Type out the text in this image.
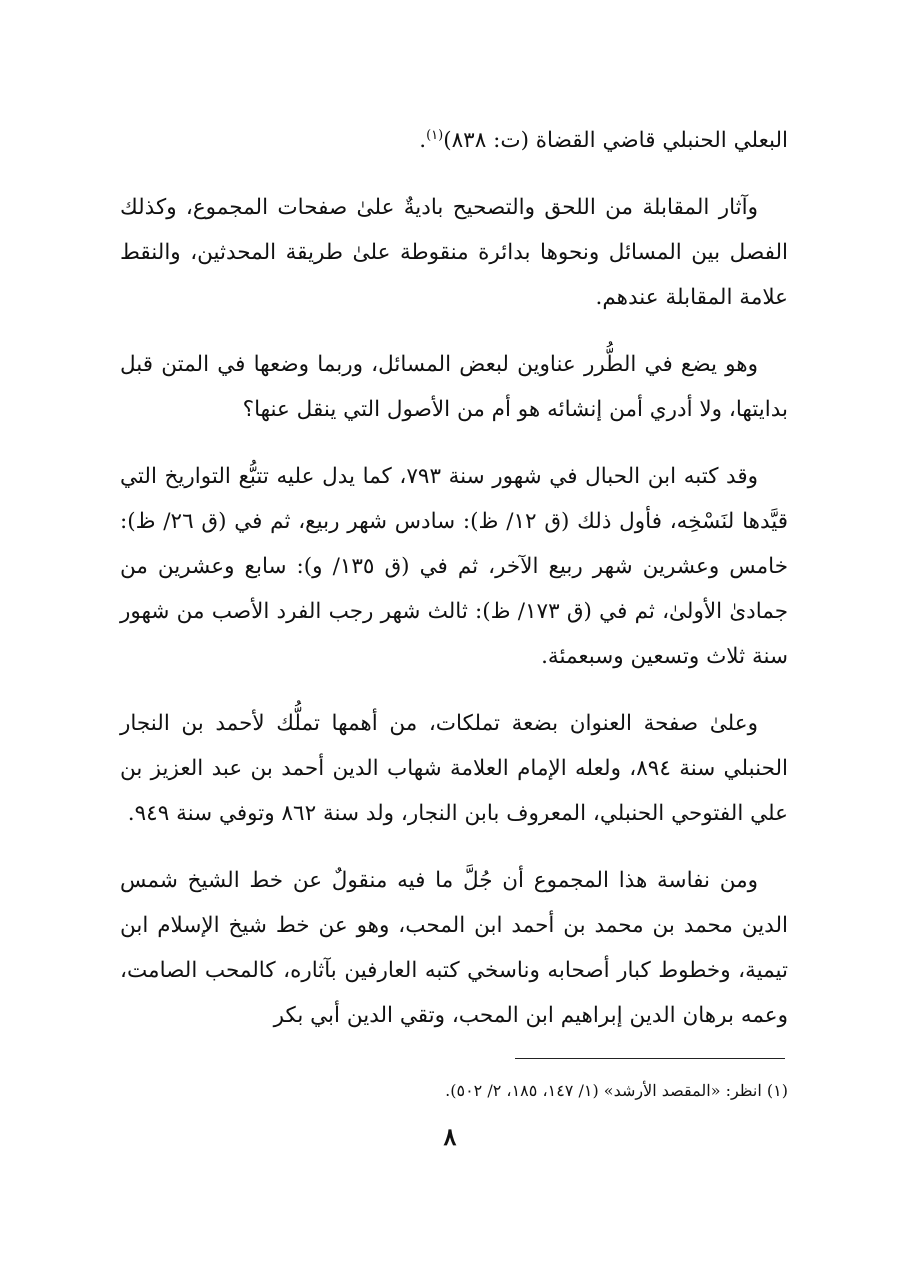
البعلي الحنبلي قاضي القضاة (ت: ٨٣٨)$^{(١)}$.

وآثار المقابلة من اللحق والتصحيح باديةٌ علىٰ صفحات المجموع، وكذلك الفصل بين المسائل ونحوها بدائرة منقوطة علىٰ طريقة المحدثين، والنقط علامة المقابلة عندهم.

وهو يضع في الطُّرر عناوين لبعض المسائل، وربما وضعها في المتن قبل بدايتها، ولا أدري أمن إنشائه هو أم من الأصول التي ينقل عنها؟

وقد كتبه ابن الحبال في شهور سنة ٧٩٣، كما يدل عليه تتبُّع التواريخ التي قيَّدها لنَسْخِه، فأول ذلك (ق ١٢/ ظ): سادس شهر ربيع، ثم في (ق ٢٦/ ظ): خامس وعشرين شهر ربيع الآخر، ثم في (ق ١٣٥/ و): سابع وعشرين من جمادىٰ الأولىٰ، ثم في (ق ١٧٣/ ظ): ثالث شهر رجب الفرد الأصب من شهور سنة ثلاث وتسعين وسبعمئة.

وعلىٰ صفحة العنوان بضعة تملكات، من أهمها تملُّك لأحمد بن النجار الحنبلي سنة ٨٩٤، ولعله الإمام العلامة شهاب الدين أحمد بن عبد العزيز بن علي الفتوحي الحنبلي، المعروف بابن النجار، ولد سنة ٨٦٢ وتوفي سنة ٩٤٩.

ومن نفاسة هذا المجموع أن جُلَّ ما فيه منقولٌ عن خط الشيخ شمس الدين محمد بن محمد بن أحمد ابن المحب، وهو عن خط شيخ الإسلام ابن تيمية، وخطوط كبار أصحابه وناسخي كتبه العارفين بآثاره، كالمحب الصامت، وعمه برهان الدين إبراهيم ابن المحب، وتقي الدين أبي بكر

(١) انظر: «المقصد الأرشد» (١/ ١٤٧، ١٨٥، ٢/ ٥٠٢).
٨
